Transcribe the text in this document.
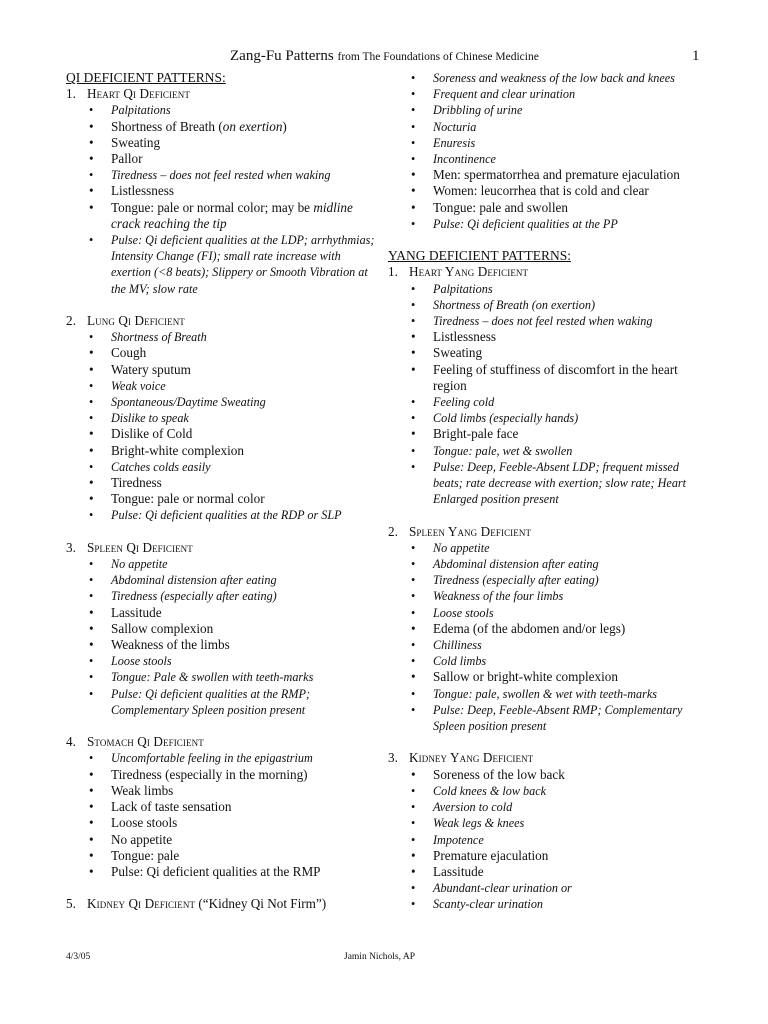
Zang-Fu Patterns from The Foundations of Chinese Medicine	1
QI DEFICIENT PATTERNS:
1. Heart Qi Deficient
• Palpitations
• Shortness of Breath (on exertion)
• Sweating
• Pallor
• Tiredness – does not feel rested when waking
• Listlessness
• Tongue: pale or normal color; may be midline crack reaching the tip
• Pulse: Qi deficient qualities at the LDP; arrhythmias; Intensity Change (FI); small rate increase with exertion (<8 beats); Slippery or Smooth Vibration at the MV; slow rate
2. Lung Qi Deficient
• Shortness of Breath
• Cough
• Watery sputum
• Weak voice
• Spontaneous/Daytime Sweating
• Dislike to speak
• Dislike of Cold
• Bright-white complexion
• Catches colds easily
• Tiredness
• Tongue: pale or normal color
• Pulse: Qi deficient qualities at the RDP or SLP
3. Spleen Qi Deficient
• No appetite
• Abdominal distension after eating
• Tiredness (especially after eating)
• Lassitude
• Sallow complexion
• Weakness of the limbs
• Loose stools
• Tongue: Pale & swollen with teeth-marks
• Pulse: Qi deficient qualities at the RMP; Complementary Spleen position present
4. Stomach Qi Deficient
• Uncomfortable feeling in the epigastrium
• Tiredness (especially in the morning)
• Weak limbs
• Lack of taste sensation
• Loose stools
• No appetite
• Tongue: pale
• Pulse: Qi deficient qualities at the RMP
5. Kidney Qi Deficient (“Kidney Qi Not Firm”)
• Soreness and weakness of the low back and knees
• Frequent and clear urination
• Dribbling of urine
• Nocturia
• Enuresis
• Incontinence
• Men: spermatorrhea and premature ejaculation
• Women: leucorrhea that is cold and clear
• Tongue: pale and swollen
• Pulse: Qi deficient qualities at the PP
YANG DEFICIENT PATTERNS:
1. Heart Yang Deficient
• Palpitations
• Shortness of Breath (on exertion)
• Tiredness – does not feel rested when waking
• Listlessness
• Sweating
• Feeling of stuffiness of discomfort in the heart region
• Feeling cold
• Cold limbs (especially hands)
• Bright-pale face
• Tongue: pale, wet & swollen
• Pulse: Deep, Feeble-Absent LDP; frequent missed beats; rate decrease with exertion; slow rate; Heart Enlarged position present
2. Spleen Yang Deficient
• No appetite
• Abdominal distension after eating
• Tiredness (especially after eating)
• Weakness of the four limbs
• Loose stools
• Edema (of the abdomen and/or legs)
• Chilliness
• Cold limbs
• Sallow or bright-white complexion
• Tongue: pale, swollen & wet with teeth-marks
• Pulse: Deep, Feeble-Absent RMP; Complementary Spleen position present
3. Kidney Yang Deficient
• Soreness of the low back
• Cold knees & low back
• Aversion to cold
• Weak legs & knees
• Impotence
• Premature ejaculation
• Lassitude
• Abundant-clear urination or
• Scanty-clear urination
4/3/05	Jamin Nichols, AP
